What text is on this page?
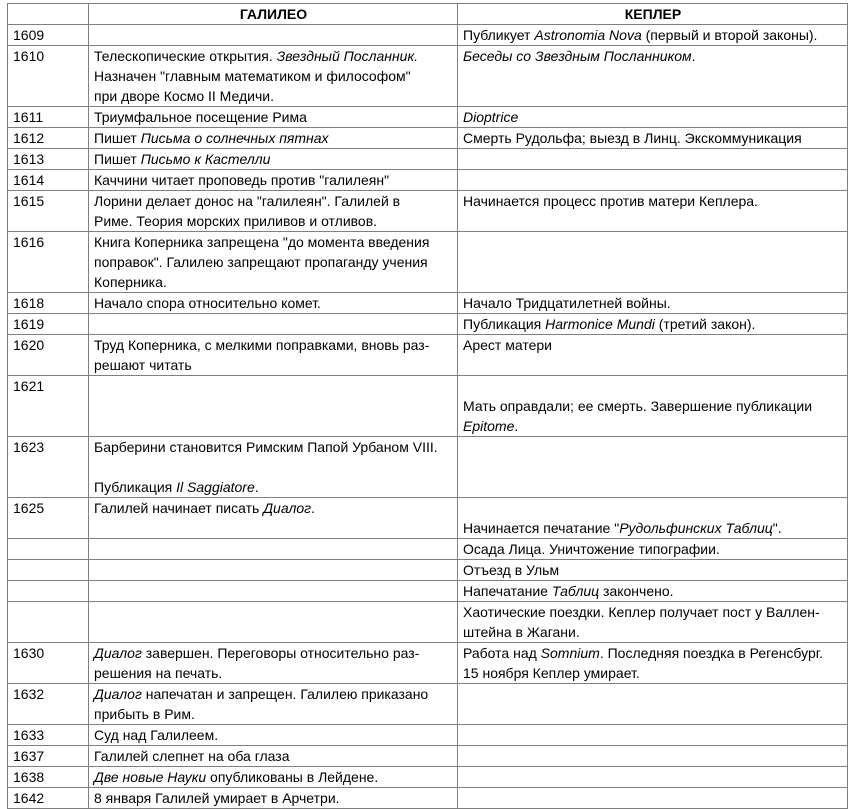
	ГАЛИЛЕО	КЕПЛЕР
1609		Публикует Astronomia Nova (первый и второй законы).
1610	Телескопические открытия. Звездный Посланник.
Назначен "главным математиком и философом"
при дворе Космо II Медичи.	Беседы со Звездным Посланником.
1611	Триумфальное посещение Рима	Dioptrice
1612	Пишет Письма о солнечных пятнах	Смерть Рудольфа; выезд в Линц. Экскоммуникация
1613	Пишет Письмо к Кастелли	
1614	Каччини читает проповедь против "галилеян"	
1615	Лорини делает донос на "галилеян". Галилей в
Риме. Теория морских приливов и отливов.	Начинается процесс против матери Кеплера.
1616	Книга Коперника запрещена "до момента введения
поправок". Галилею запрещают пропаганду учения
Коперника.	
1618	Начало спора относительно комет.	Начало Тридцатилетней войны.
1619		Публикация Harmonice Mundi (третий закон).
1620	Труд Коперника, с мелкими поправками, вновь раз-
решают читать	Арест матери
1621		Мать оправдали; ее смерть. Завершение публикации
Epitome.
1623	Барберини становится Римским Папой Урбаном VIII.

Публикация Il Saggiatore.	
1625	Галилей начинает писать Диалог.	Начинается печатание "Рудольфинских Таблиц".
		Осада Лица. Уничтожение типографии.
		Отъезд в Ульм
		Напечатание Таблиц закончено.
		Хаотические поездки. Кеплер получает пост у Валлен-
штейна в Жагани.
1630	Диалог завершен. Переговоры относительно раз-
решения на печать.	Работа над Somnium. Последняя поездка в Регенсбург.
15 ноября Кеплер умирает.
1632	Диалог напечатан и запрещен. Галилею приказано
прибыть в Рим.	
1633	Суд над Галилеем.	
1637	Галилей слепнет на оба глаза	
1638	Две новые Науки опубликованы в Лейдене.	
1642	8 января Галилей умирает в Арчетри.	
